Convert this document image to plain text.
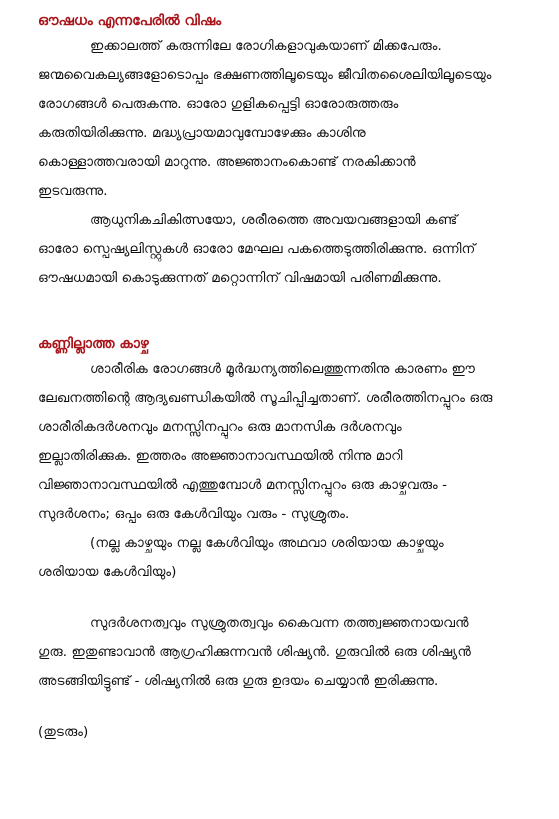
ഔഷധം എന്നപേരിൽ വിഷം

ഇക്കാലത്ത് കരുന്നിലേ രോഗികളാവുകയാണ് മിക്കപേരും.
ജന്മവൈകല്യങ്ങളോടൊപ്പം ഭക്ഷണത്തിലൂടെയും ജീവിതശൈലിയിലൂടെയും
രോഗങ്ങൾ പെരുകന്നു. ഓരോ ഗുളികപ്പെട്ടി ഓരോരുത്തരും
കരുതിയിരിക്കുന്നു. മദ്ധ്യപ്രായമാവുമ്പോഴേക്കും കാശിനു
കൊള്ളാത്തവരായി മാറുന്നു. അജ്ഞാനംകൊണ്ട് നരകിക്കാൻ
ഇടവരുന്നു.

ആധുനികചികിത്സയോ, ശരീരത്തെ അവയവങ്ങളായി കണ്ട്
ഓരോ സ്പെഷ്യലിസ്റ്റുകൾ ഓരോ മേഘല പകത്തെടുത്തിരിക്കുന്നു. ഒന്നിന്
ഔഷധമായി കൊടുക്കുന്നത് മറ്റൊന്നിന് വിഷമായി പരിണമിക്കുന്നു.

കണ്ണില്ലാത്ത കാഴ്ച

ശാരീരിക രോഗങ്ങൾ മൂർദ്ധന്യത്തിലെത്തുന്നതിനു കാരണം ഈ
ലേഖനത്തിന്റെ ആദ്യഖണ്ഡികയിൽ സൂചിപ്പിച്ചതാണ്. ശരീരത്തിനപ്പുറം ഒരു
ശാരീരികദർശനവും മനസ്സിനപ്പുറം ഒരു മാനസിക ദർശനവും
ഇല്ലാതിരിക്കുക. ഇത്തരം അജ്ഞാനാവസ്ഥയിൽ നിന്നു മാറി
വിജ്ഞാനാവസ്ഥയിൽ എത്തുമ്പോൾ മനസ്സിനപ്പുറം ഒരു കാഴ്ചവരും -
സുദർശനം; ഒപ്പം ഒരു കേൾവിയും വരും - സുശ്രുതം.

(നല്ല കാഴ്ചയും നല്ല കേൾവിയും അഥവാ ശരിയായ കാഴ്ചയും
ശരിയായ കേൾവിയും)

സുദർശനത്വവും സുശ്രുതത്വവും കൈവന്ന തത്ത്വജ്ഞനായവൻ
ഗുരു. ഇതുണ്ടാവാൻ ആഗ്രഹിക്കുന്നവൻ ശിഷ്യൻ. ഗുരുവിൽ ഒരു ശിഷ്യൻ
അടങ്ങിയിട്ടുണ്ട് - ശിഷ്യനിൽ ഒരു ഗുരു ഉദയം ചെയ്യാൻ ഇരിക്കുന്നു.

(തുടരും)
